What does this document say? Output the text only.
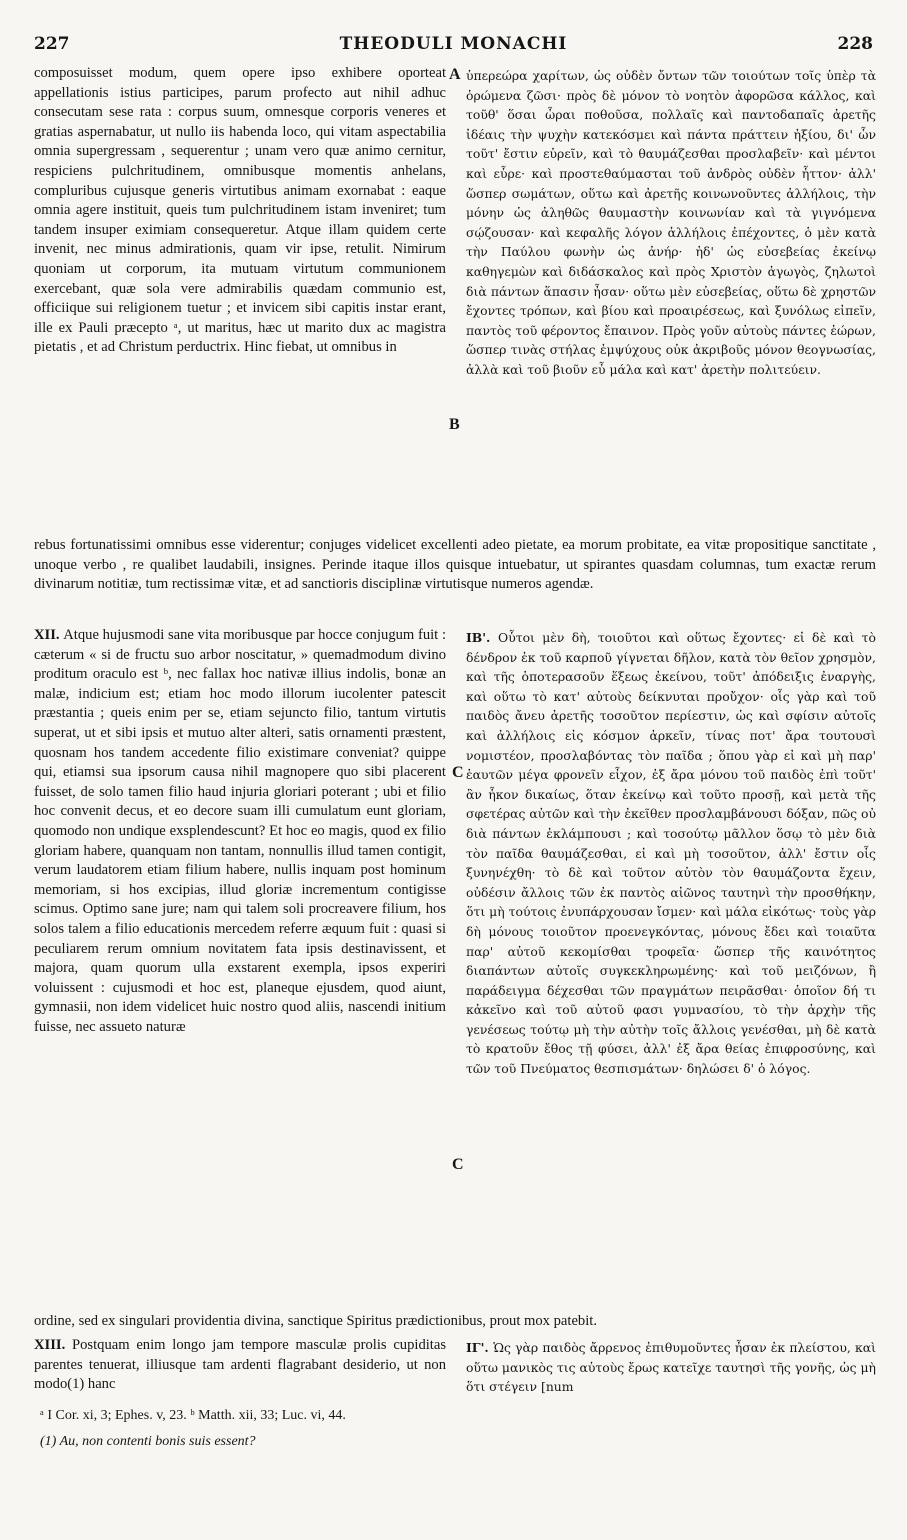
227	THEODULI MONACHI	228
composuisset modum, quem opere ipso exhibere oporteat appellationis istius participes, parum profecto aut nihil adhuc consecutam sese rata : corpus suum, omnesque corporis veneres et gratias aspernabatur, ut nullo iis habenda loco, qui vitam aspectabilia omnia supergressam , sequerentur ; unam vero quæ animo cernitur, respiciens pulchritudinem, omnibusque momentis anhelans, compluribus cujusque generis virtutibus animam exornabat : eaque omnia agere instituit, queis tum pulchritudinem istam inveniret; tum tandem insuper eximiam consequeretur. Atque illam quidem certe invenit, nec minus admirationis, quam vir ipse, retulit. Nimirum quoniam ut corporum, ita mutuam virtutum communionem exercebant, quæ sola vere admirabilis quædam communio est, officiique sui religionem tuetur ; et invicem sibi capitis instar erant, ille ex Pauli præcepto ᵃ, ut maritus, hæc ut marito dux ac magistra pietatis , et ad Christum perductrix. Hinc fiebat, ut omnibus in
A ὑπερεώρα χαρίτων, ὡς οὐδὲν ὄντων τῶν τοιούτων τοῖς ὑπὲρ τὰ ὁρώμενα ζῶσι· πρὸς δὲ μόνον τὸ νοητὸν ἀφορῶσα κάλλος, καὶ τοῦθ' ὅσαι ὧραι ποθοῦσα, πολλαῖς καὶ παντοδαπαῖς ἀρετῆς ἰδέαις τὴν ψυχὴν κατεκόσμει καὶ πάντα πράττειν ἠξίου, δι' ὧν τοῦτ' ἔστιν εὑρεῖν, καὶ τὸ θαυμάζεσθαι προσλαβεῖν· καὶ μέντοι καὶ εὗρε· καὶ προστεθαύμασται τοῦ ἀνδρὸς οὐδὲν ἧττον· ἀλλ' ὥσπερ σωμάτων, οὕτω καὶ ἀρετῆς κοινωνοῦντες ἀλλήλοις, τὴν μόνην ὡς ἀληθῶς θαυμαστὴν κοινωνίαν καὶ τὰ γιγνόμενα σῴζουσαν· καὶ κεφαλῆς λόγον ἀλλήλοις ἐπέχοντες, ὁ μὲν κατὰ τὴν Παύλου φωνὴν ὡς ἀνήρ· ἡδ' ὡς εὐσεβείας ἐκείνῳ καθηγεμὼν καὶ διδάσκαλος καὶ πρὸς Χριστὸν ἀγωγὸς, ζηλωτοὶ διὰ πάντων ἅπασιν ἦσαν· οὕτω μὲν εὐσεβείας, οὕτω δὲ χρηστῶν ἔχοντες τρόπων, καὶ βίου καὶ προαιρέσεως, καὶ ξυνόλως εἰπεῖν, παντὸς τοῦ φέροντος ἔπαινον. Πρὸς γοῦν αὐτοὺς πάντες ἑώρων, ὥσπερ τινὰς στήλας ἐμψύχους οὐκ ἀκριβοῦς μόνον θεογνωσίας, ἀλλὰ καὶ τοῦ βιοῦν εὖ μάλα καὶ κατ' ἀρετὴν πολιτεύειν.
B
rebus fortunatissimi omnibus esse viderentur; conjuges videlicet excellenti adeo pietate, ea morum probitate, ea vitæ propositique sanctitate , unoque verbo , re qualibet laudabili, insignes. Perinde itaque illos quisque intuebatur, ut spirantes quasdam columnas, tum exactæ rerum divinarum notitiæ, tum rectissimæ vitæ, et ad sanctioris disciplinæ virtutisque numeros agendæ.
XII. Atque hujusmodi sane vita moribusque par hocce conjugum fuit : cæterum « si de fructu suo arbor noscitatur, » quemadmodum divino proditum oraculo est ᵇ, nec fallax hoc nativæ illius indolis, bonæ an malæ, indicium est; etiam hoc modo illorum iucolenter patescit præstantia ; queis enim per se, etiam sejuncto filio, tantum virtutis superat, ut et sibi ipsis et mutuo alter alteri, satis ornamenti præstent, quosnam hos tandem accedente filio existimare conveniat? quippe qui, etiamsi sua ipsorum causa nihil magnopere quo sibi placerent fuisset, de solo tamen filio haud injuria gloriari poterant ; ubi et filio hoc convenit decus, et eo decore suam illi cumulatum eunt gloriam, quomodo non undique exsplendescunt? Et hoc eo magis, quod ex filio gloriam habere, quanquam non tantam, nonnullis illud tamen contigit, verum laudatorem etiam filium habere, nullis inquam post hominum memoriam, si hos excipias, illud gloriæ incrementum contigisse scimus. Optimo sane jure; nam qui talem soli procreavere filium, hos solos talem a filio educationis mercedem referre æquum fuit : quasi si peculiarem rerum omnium novitatem fata ipsis destinavissent, et majora, quam quorum ulla exstarent exempla, ipsos experiri voluissent : cujusmodi et hoc est, planeque ejusdem, quod aiunt, gymnasii, non idem videlicet huic nostro quod aliis, nascendi initium fuisse, nec assueto naturæ
C
C
ΙΒ'. Οὗτοι μὲν δὴ, τοιοῦτοι καὶ οὕτως ἔχοντες· εἰ δὲ καὶ τὸ δένδρον ἐκ τοῦ καρποῦ γίγνεται δῆλον, κατὰ τὸν θεῖον χρησμὸν, καὶ τῆς ὁποτερασοῦν ἕξεως ἐκείνου, τοῦτ' ἀπόδειξις ἐναργὴς, καὶ οὕτω τὸ κατ' αὐτοὺς δείκνυται προὔχον· οἷς γὰρ καὶ τοῦ παιδὸς ἄνευ ἀρετῆς τοσοῦτον περίεστιν, ὡς καὶ σφίσιν αὐτοῖς καὶ ἀλλήλοις εἰς κόσμον ἀρκεῖν, τίνας ποτ' ἄρα τουτουσὶ νομιστέον, προσλαβόντας τὸν παῖδα ; ὅπου γὰρ εἰ καὶ μὴ παρ' ἑαυτῶν μέγα φρονεῖν εἶχον, ἐξ ἄρα μόνου τοῦ παιδὸς ἐπὶ τοῦτ' ἂν ἧκον δικαίως, ὅταν ἐκείνῳ καὶ τοῦτο προσῇ, καὶ μετὰ τῆς σφετέρας αὐτῶν καὶ τὴν ἐκεῖθεν προσλαμβάνουσι δόξαν, πῶς οὐ διὰ πάντων ἐκλάμπουσι ; καὶ τοσούτῳ μᾶλλον ὅσῳ τὸ μὲν διὰ τὸν παῖδα θαυμάζεσθαι, εἰ καὶ μὴ τοσοῦτον, ἀλλ' ἔστιν οἷς ξυνηνέχθη· τὸ δὲ καὶ τοῦτον αὐτὸν τὸν θαυμάζοντα ἔχειν, οὐδέσιν ἄλλοις τῶν ἐκ παντὸς αἰῶνος ταυτηνὶ τὴν προσθήκην, ὅτι μὴ τούτοις ἐνυπάρχουσαν ἴσμεν· καὶ μάλα εἰκότως· τοὺς γὰρ δὴ μόνους τοιοῦτον προενεγκόντας, μόνους ἔδει καὶ τοιαῦτα παρ' αὐτοῦ κεκομίσθαι τροφεῖα· ὥσπερ τῆς καινότητος διαπάντων αὐτοῖς συγκεκληρωμένης· καὶ τοῦ μειζόνων, ἢ παράδειγμα δέχεσθαι τῶν πραγμάτων πειρᾶσθαι· ὁποῖον δή τι κἀκεῖνο καὶ τοῦ αὐτοῦ φασι γυμνασίου, τὸ τὴν ἀρχὴν τῆς γενέσεως τούτῳ μὴ τὴν αὐτὴν τοῖς ἄλλοις γενέσθαι, μὴ δὲ κατὰ τὸ κρατοῦν ἔθος τῇ φύσει, ἀλλ' ἐξ ἄρα θείας ἐπιφροσύνης, καὶ τῶν τοῦ Πνεύματος θεσπισμάτων· δηλώσει δ' ὁ λόγος.
ordine, sed ex singulari providentia divina, sanctique Spiritus prædictionibus, prout mox patebit.
XIII. Postquam enim longo jam tempore masculæ prolis cupiditas parentes tenuerat, illiusque tam ardenti flagrabant desiderio, ut non modo(1) hanc
ΙΓ'. Ὡς γὰρ παιδὸς ἄρρενος ἐπιθυμοῦντες ἦσαν ἐκ πλείστου, καὶ οὕτω μανικὸς τις αὐτοὺς ἔρως κατεῖχε ταυτησὶ τῆς γονῆς, ὡς μὴ ὅτι στέγειν [num
ᵃ I Cor. xi, 3; Ephes. v, 23. ᵇ Matth. xii, 33; Luc. vi, 44.
(1) Au, non contenti bonis suis essent?
